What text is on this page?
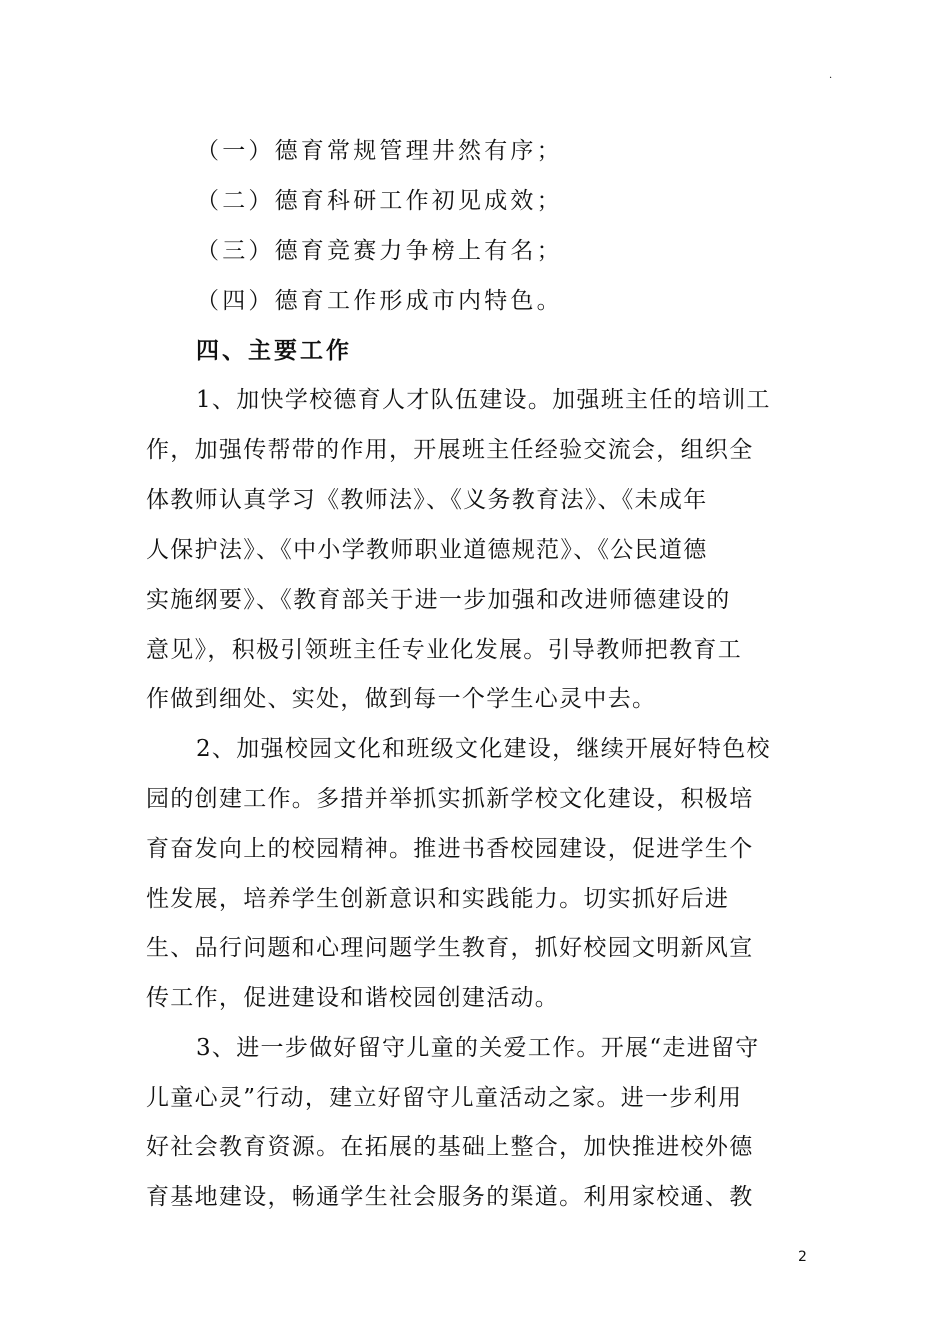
.
（一）德育常规管理井然有序；
（二）德育科研工作初见成效；
（三）德育竞赛力争榜上有名；
（四）德育工作形成市内特色。
四、主要工作
1、加快学校德育人才队伍建设。加强班主任的培训工
作，加强传帮带的作用，开展班主任经验交流会，组织全
体教师认真学习《教师法》、《义务教育法》、《未成年
人保护法》、《中小学教师职业道德规范》、《公民道德
实施纲要》、《教育部关于进一步加强和改进师德建设的
意见》，积极引领班主任专业化发展。引导教师把教育工
作做到细处、实处，做到每一个学生心灵中去。
2、加强校园文化和班级文化建设，继续开展好特色校
园的创建工作。多措并举抓实抓新学校文化建设，积极培
育奋发向上的校园精神。推进书香校园建设，促进学生个
性发展，培养学生创新意识和实践能力。切实抓好后进
生、品行问题和心理问题学生教育，抓好校园文明新风宣
传工作，促进建设和谐校园创建活动。
3、进一步做好留守儿童的关爱工作。开展“走进留守
儿童心灵”行动，建立好留守儿童活动之家。进一步利用
好社会教育资源。在拓展的基础上整合，加快推进校外德
育基地建设，畅通学生社会服务的渠道。利用家校通、教
2
